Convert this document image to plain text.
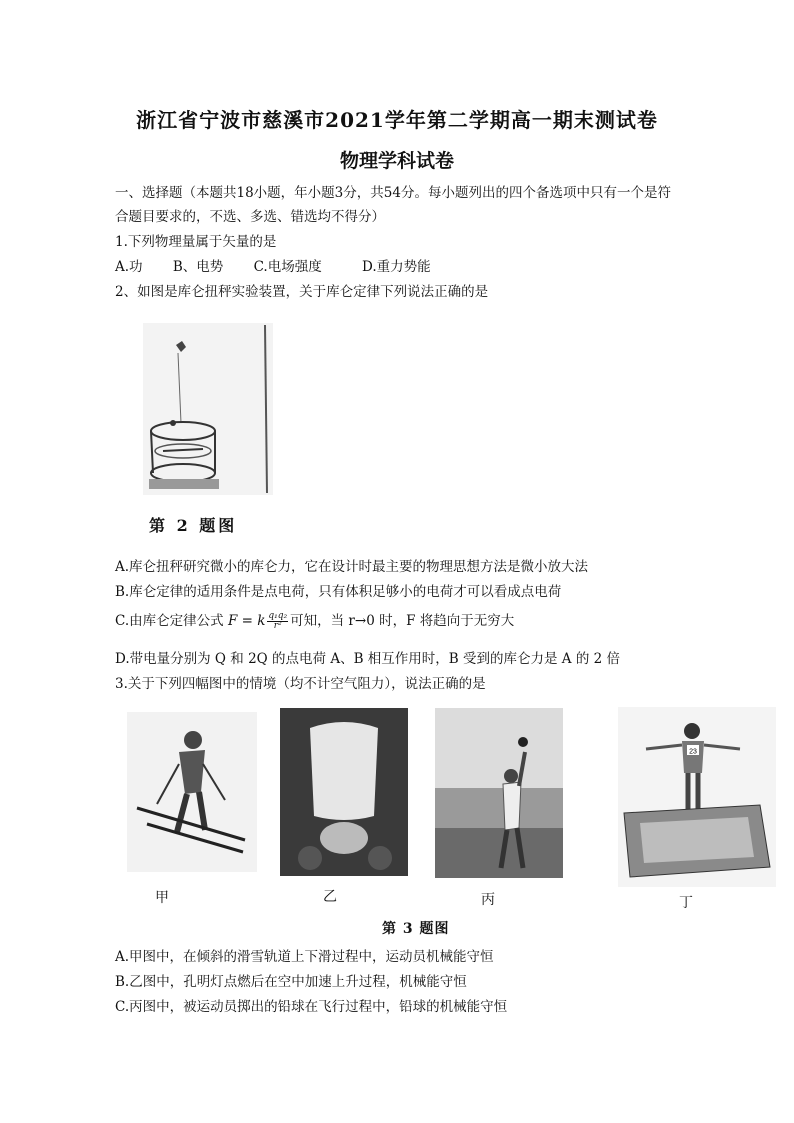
浙江省宁波市慈溪市2021学年第二学期高一期末测试卷
物理学科试卷
一、选择题（本题共18小题，年小题3分，共54分。每小题列出的四个备选项中只有一个是符
合题目要求的，不选、多选、错选均不得分）
1.下列物理量属于矢量的是
A.功 B、电势 C.电场强度	D.重力势能
2、如图是库仑扭秤实验装置，关于库仑定律下列说法正确的是
第 2 题图
A.库仑扭秤研究微小的库仑力，它在设计时最主要的物理思想方法是微小放大法
B.库仑定律的适用条件是点电荷，只有体积足够小的电荷才可以看成点电荷
C.由库仑定律公式 F = k $\frac{\text{q₁q₂}}{\text{r²}}$ 可知，当 r→0 时，F 将趋向于无穷大
D.带电量分别为 Q 和 2Q 的点电荷 A、B 相互作用时，B 受到的库仑力是 A 的 2 倍
3.关于下列四幅图中的情境（均不计空气阻力），说法正确的是
23
甲	乙	丙	丁
第 3 题图
A.甲图中，在倾斜的滑雪轨道上下滑过程中，运动员机械能守恒
B.乙图中，孔明灯点燃后在空中加速上升过程，机械能守恒
C.丙图中，被运动员掷出的铅球在飞行过程中，铅球的机械能守恒
